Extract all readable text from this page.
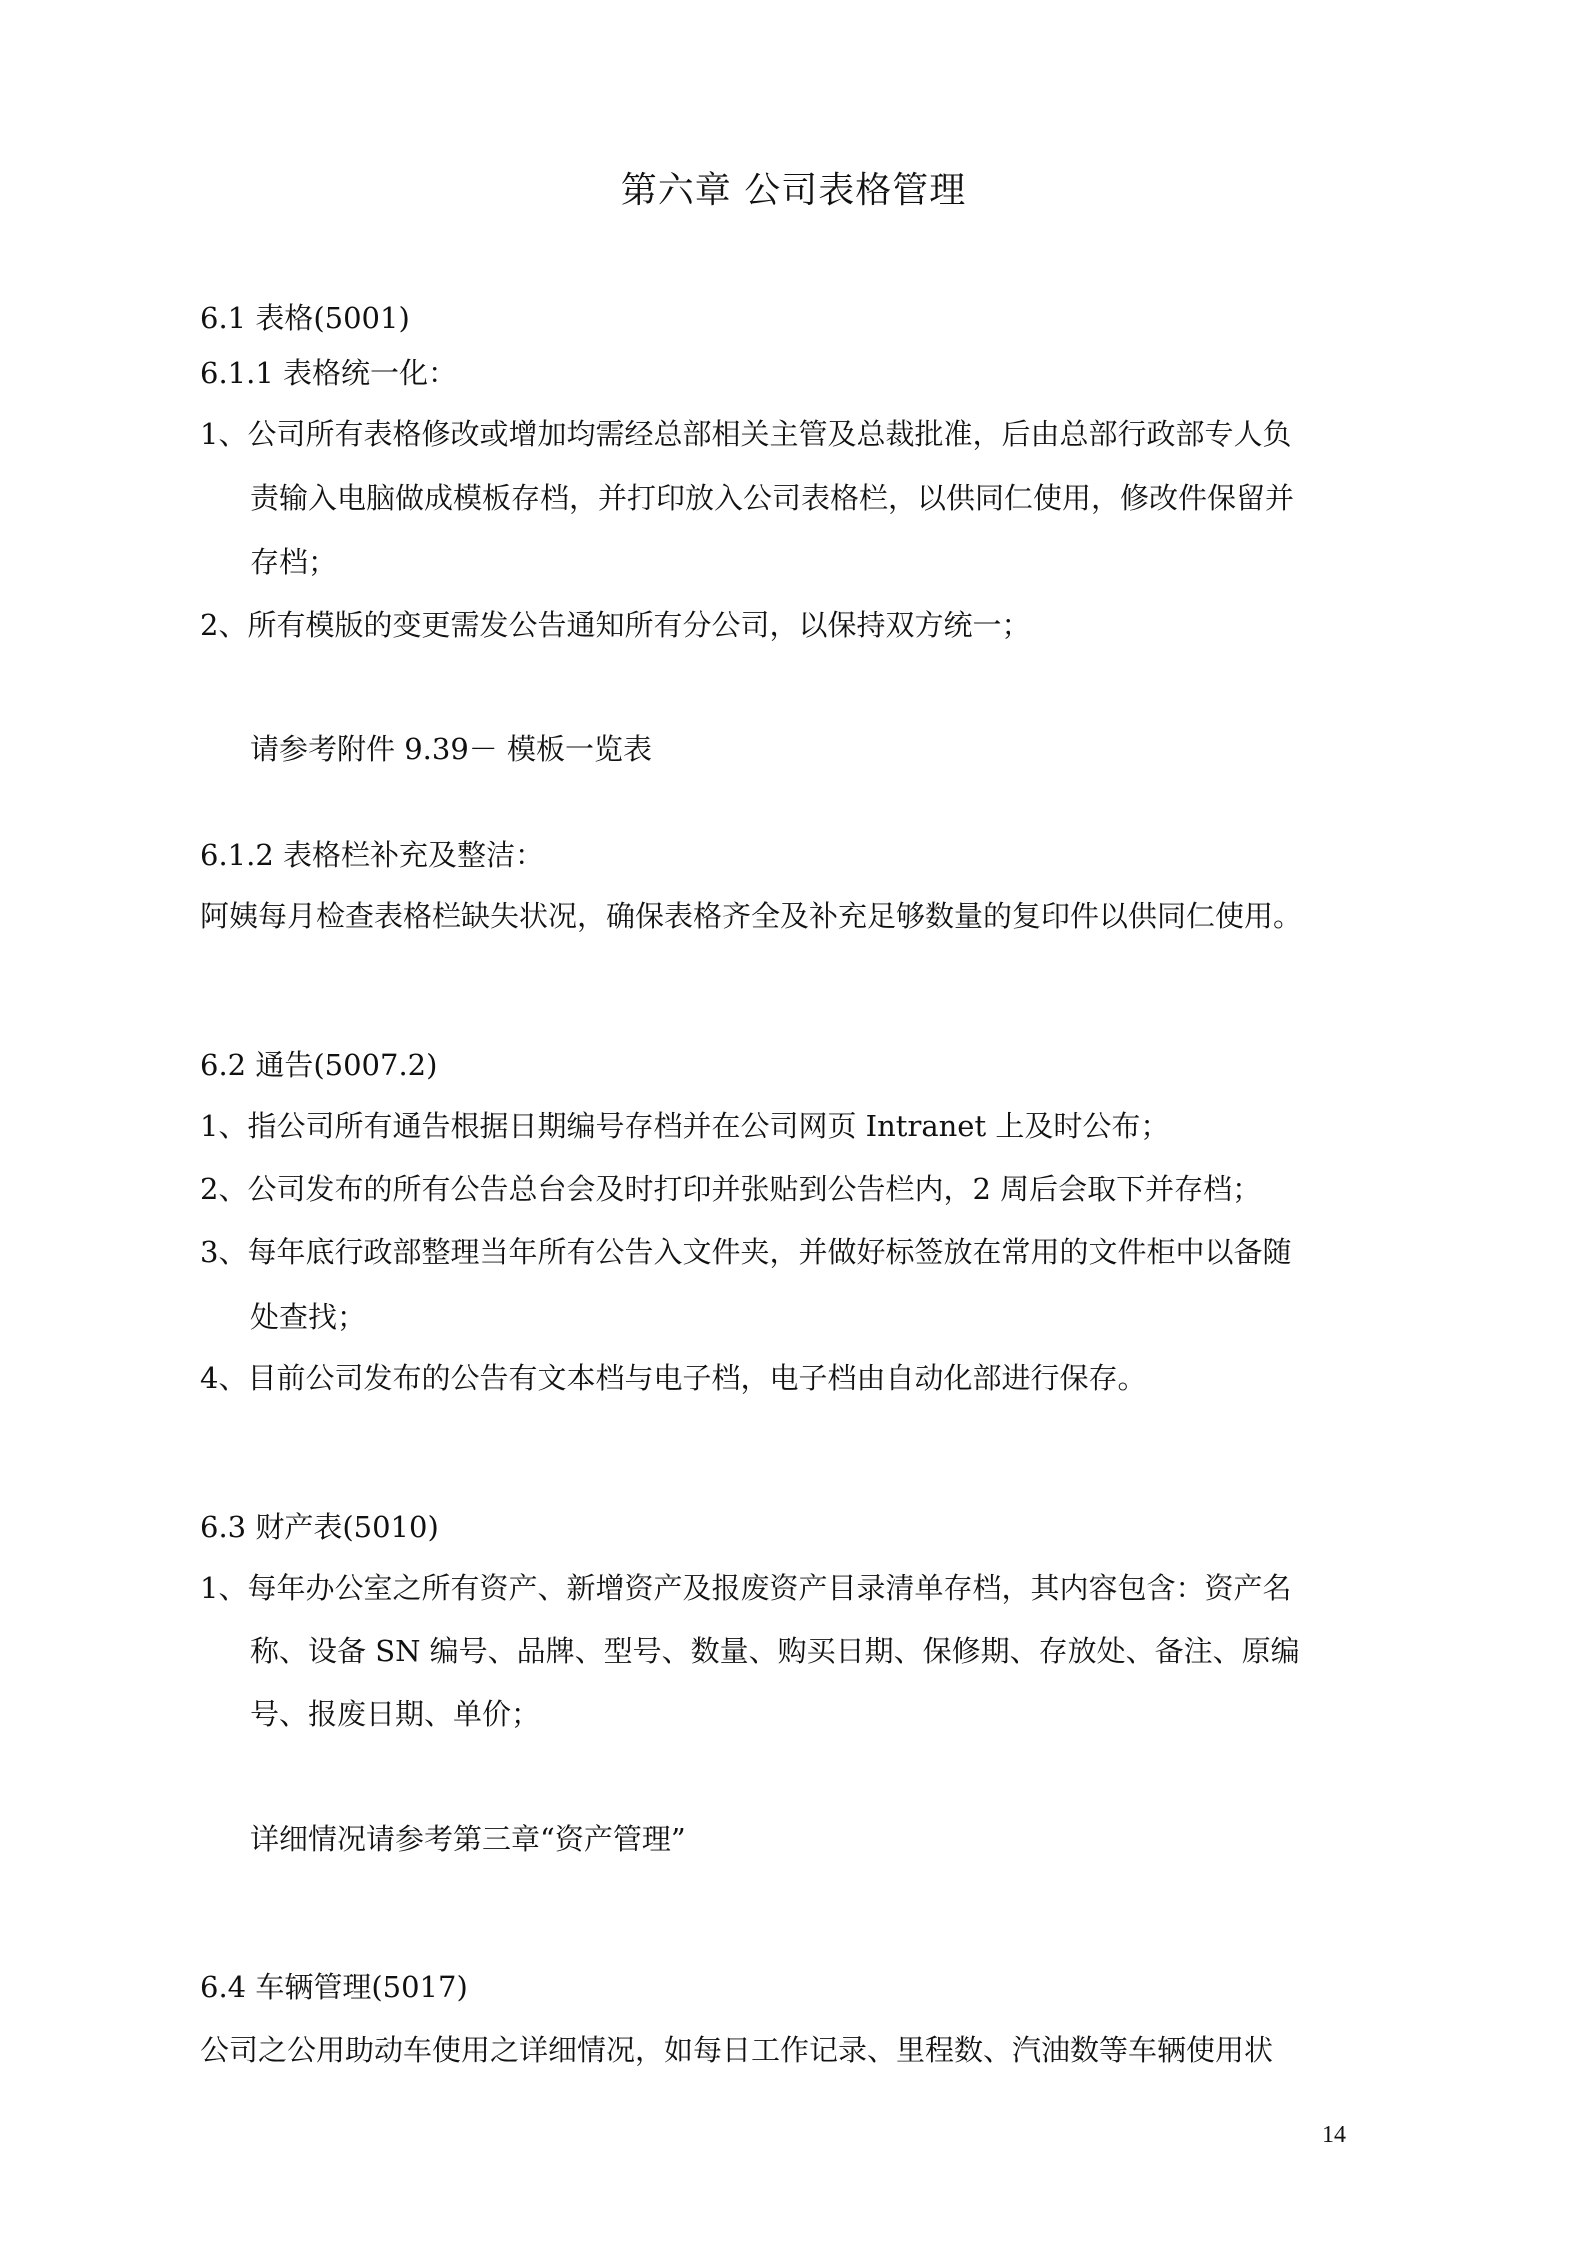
第六章 公司表格管理
6.1 表格(5001)
6.1.1 表格统一化：
1、公司所有表格修改或增加均需经总部相关主管及总裁批准，后由总部行政部专人负
责输入电脑做成模板存档，并打印放入公司表格栏，以供同仁使用，修改件保留并
存档；
2、所有模版的变更需发公告通知所有分公司，以保持双方统一；
请参考附件 9.39－ 模板一览表
6.1.2 表格栏补充及整洁：
阿姨每月检查表格栏缺失状况，确保表格齐全及补充足够数量的复印件以供同仁使用。
6.2 通告(5007.2)
1、指公司所有通告根据日期编号存档并在公司网页 Intranet 上及时公布；
2、公司发布的所有公告总台会及时打印并张贴到公告栏内，2 周后会取下并存档；
3、每年底行政部整理当年所有公告入文件夹，并做好标签放在常用的文件柜中以备随
处查找；
4、目前公司发布的公告有文本档与电子档，电子档由自动化部进行保存。
6.3 财产表(5010)
1、每年办公室之所有资产、新增资产及报废资产目录清单存档，其内容包含：资产名
称、设备 SN 编号、品牌、型号、数量、购买日期、保修期、存放处、备注、原编
号、报废日期、单价；
详细情况请参考第三章“资产管理”
6.4 车辆管理(5017)
公司之公用助动车使用之详细情况，如每日工作记录、里程数、汽油数等车辆使用状
14
